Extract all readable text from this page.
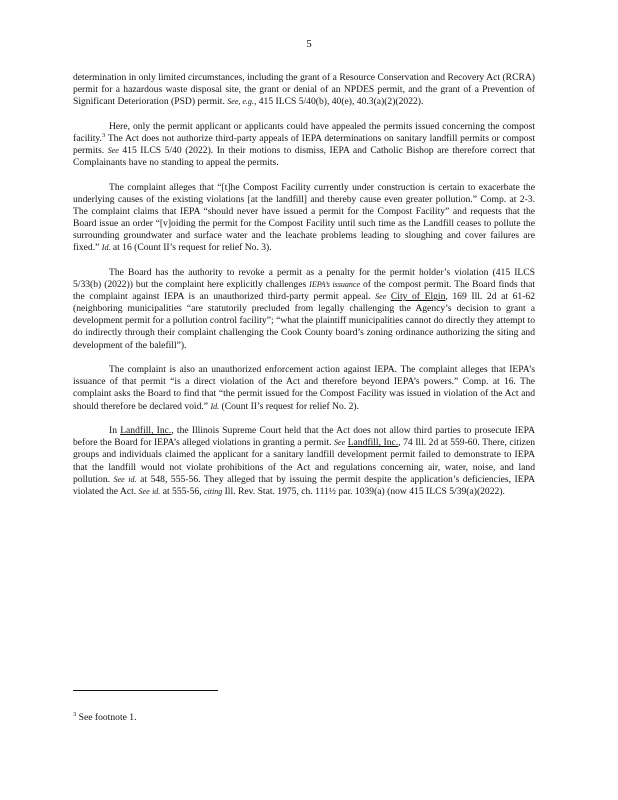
5

determination in only limited circumstances, including the grant of a Resource Conservation and Recovery Act (RCRA) permit for a hazardous waste disposal site, the grant or denial of an NPDES permit, and the grant of a Prevention of Significant Deterioration (PSD) permit. See, e.g., 415 ILCS 5/40(b), 40(e), 40.3(a)(2)(2022).

Here, only the permit applicant or applicants could have appealed the permits issued concerning the compost facility.$^3$ The Act does not authorize third-party appeals of IEPA determinations on sanitary landfill permits or compost permits. See 415 ILCS 5/40 (2022). In their motions to dismiss, IEPA and Catholic Bishop are therefore correct that Complainants have no standing to appeal the permits.

The complaint alleges that “[t]he Compost Facility currently under construction is certain to exacerbate the underlying causes of the existing violations [at the landfill] and thereby cause even greater pollution.” Comp. at 2-3. The complaint claims that IEPA “should never have issued a permit for the Compost Facility” and requests that the Board issue an order “[v]oiding the permit for the Compost Facility until such time as the Landfill ceases to pollute the surrounding groundwater and surface water and the leachate problems leading to sloughing and cover failures are fixed.” Id. at 16 (Count II’s request for relief No. 3).

The Board has the authority to revoke a permit as a penalty for the permit holder’s violation (415 ILCS 5/33(b) (2022)) but the complaint here explicitly challenges IEPA’s issuance of the compost permit. The Board finds that the complaint against IEPA is an unauthorized third-party permit appeal. See City of Elgin, 169 Ill. 2d at 61-62 (neighboring municipalities “are statutorily precluded from legally challenging the Agency’s decision to grant a development permit for a pollution control facility”; “what the plaintiff municipalities cannot do directly they attempt to do indirectly through their complaint challenging the Cook County board’s zoning ordinance authorizing the siting and development of the balefill”).

The complaint is also an unauthorized enforcement action against IEPA. The complaint alleges that IEPA’s issuance of that permit “is a direct violation of the Act and therefore beyond IEPA’s powers.” Comp. at 16. The complaint asks the Board to find that “the permit issued for the Compost Facility was issued in violation of the Act and should therefore be declared void.” Id. (Count II’s request for relief No. 2).

In Landfill, Inc., the Illinois Supreme Court held that the Act does not allow third parties to prosecute IEPA before the Board for IEPA’s alleged violations in granting a permit. See Landfill, Inc., 74 Ill. 2d at 559-60. There, citizen groups and individuals claimed the applicant for a sanitary landfill development permit failed to demonstrate to IEPA that the landfill would not violate prohibitions of the Act and regulations concerning air, water, noise, and land pollution. See id. at 548, 555-56. They alleged that by issuing the permit despite the application’s deficiencies, IEPA violated the Act. See id. at 555-56, citing Ill. Rev. Stat. 1975, ch. 111½ par. 1039(a) (now 415 ILCS 5/39(a)(2022).

$^3$ See footnote 1.
